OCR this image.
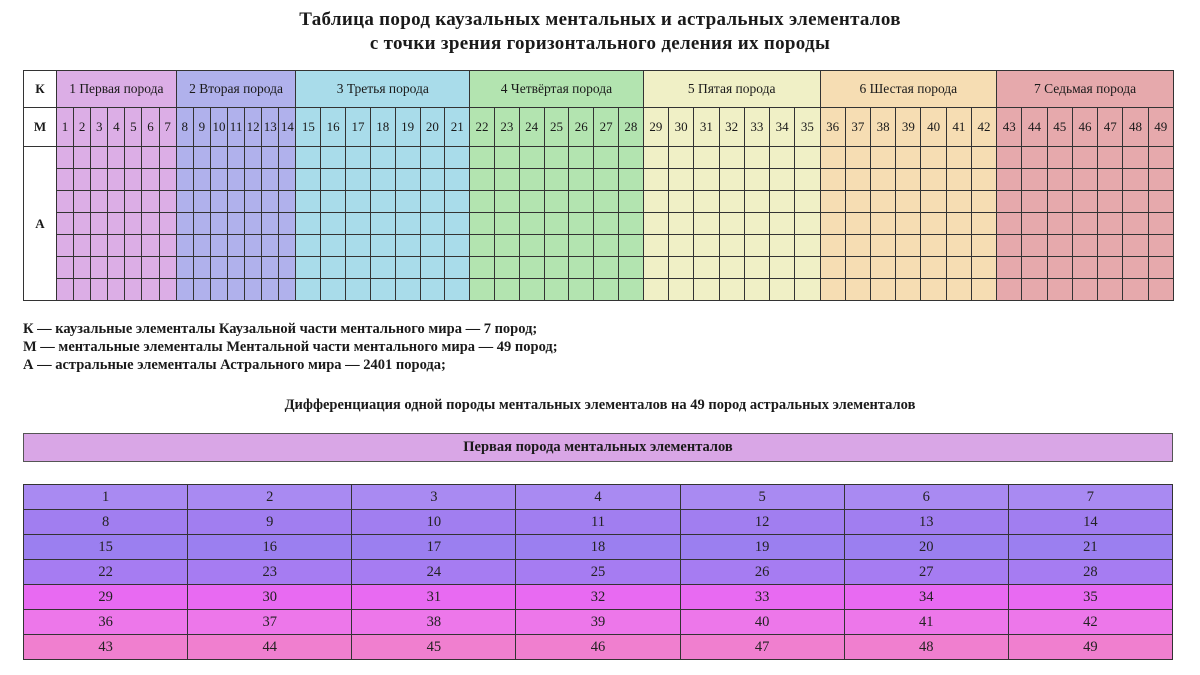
Таблица пород каузальных ментальных и астральных элементалов
с точки зрения горизонтального деления их породы
К	1 Первая порода							2 Вторая порода							3 Третья порода							4 Четвёртая порода							5 Пятая порода							6 Шестая порода							7 Седьмая порода						
М	1	2	3	4	5	6	7	8	9	10	11	12	13	14	15	16	17	18	19	20	21	22	23	24	25	26	27	28	29	30	31	32	33	34	35	36	37	38	39	40	41	42	43	44	45	46	47	48	49
А																																																	

К — каузальные элементалы Каузальной части ментального мира — 7 пород;
М — ментальные элементалы Ментальной части ментального мира — 49 пород;
А — астральные элементалы Астрального мира — 2401 порода;
Дифференциация одной породы ментальных элементалов на 49 пород астральных элементалов
Первая порода ментальных элементалов
1	2	3	4	5	6	7
8	9	10	11	12	13	14
15	16	17	18	19	20	21
22	23	24	25	26	27	28
29	30	31	32	33	34	35
36	37	38	39	40	41	42
43	44	45	46	47	48	49
